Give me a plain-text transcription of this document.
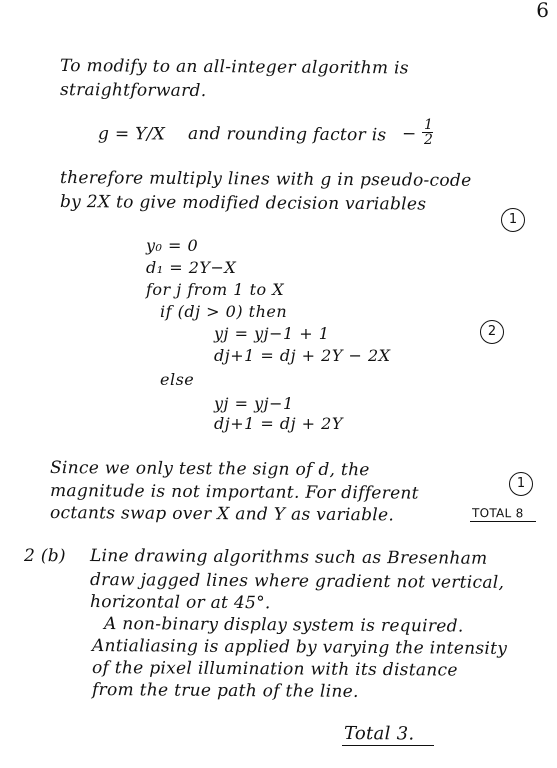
6
To modify to an all-integer algorithm is
straightforward.
g = Y/X and rounding factor is − 1
2
therefore multiply lines with g in pseudo-code
by 2X to give modified decision variables
1
y₀ = 0
d₁ = 2Y−X
for j from 1 to X
if (dj > 0) then
yj = yj−1 + 1
dj+1 = dj + 2Y − 2X
2
else
yj = yj−1
dj+1 = dj + 2Y
Since we only test the sign of d, the
magnitude is not important. For different	1
octants swap over X and Y as variable.	TOTAL 8
2 (b) Line drawing algorithms such as Bresenham
draw jagged lines where gradient not vertical,
horizontal or at 45°.
A non-binary display system is required.
Antialiasing is applied by varying the intensity
of the pixel illumination with its distance
from the true path of the line.
Total 3.
